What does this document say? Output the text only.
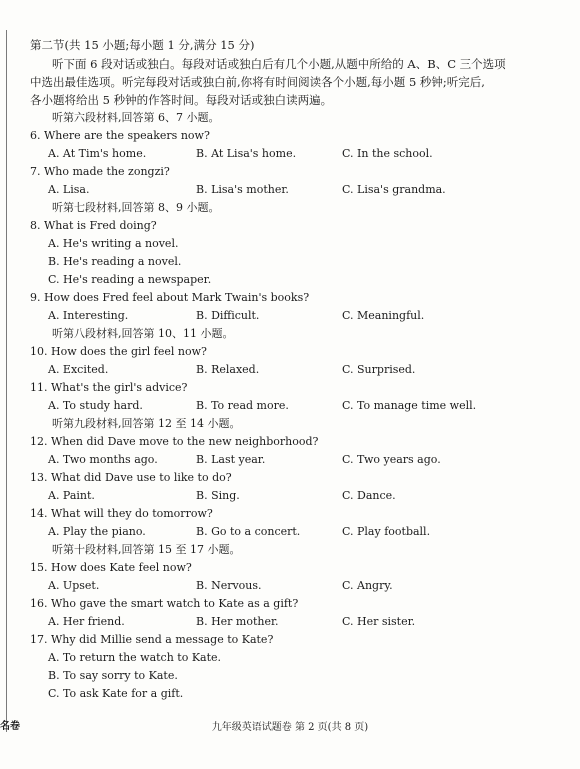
第二节(共 15 小题;每小题 1 分,满分 15 分)
听下面 6 段对话或独白。每段对话或独白后有几个小题,从题中所给的 A、B、C 三个选项
中选出最佳选项。听完每段对话或独白前,你将有时间阅读各个小题,每小题 5 秒钟;听完后,
各小题将给出 5 秒钟的作答时间。每段对话或独白读两遍。
听第六段材料,回答第 6、7 小题。
6. Where are the speakers now?
A. At Tim's home.	B. At Lisa's home.	C. In the school.
7. Who made the zongzi?
A. Lisa.	B. Lisa's mother.	C. Lisa's grandma.
听第七段材料,回答第 8、9 小题。
8. What is Fred doing?
A. He's writing a novel.
B. He's reading a novel.
C. He's reading a newspaper.
9. How does Fred feel about Mark Twain's books?
A. Interesting.	B. Difficult.	C. Meaningful.
听第八段材料,回答第 10、11 小题。
10. How does the girl feel now?
A. Excited.	B. Relaxed.	C. Surprised.
11. What's the girl's advice?
A. To study hard.	B. To read more.	C. To manage time well.
听第九段材料,回答第 12 至 14 小题。
12. When did Dave move to the new neighborhood?
A. Two months ago.	B. Last year.	C. Two years ago.
13. What did Dave use to like to do?
A. Paint.	B. Sing.	C. Dance.
14. What will they do tomorrow?
A. Play the piano.	B. Go to a concert.	C. Play football.
听第十段材料,回答第 15 至 17 小题。
15. How does Kate feel now?
A. Upset.	B. Nervous.	C. Angry.
16. Who gave the smart watch to Kate as a gift?
A. Her friend.	B. Her mother.	C. Her sister.
17. Why did Millie send a message to Kate?
A. To return the watch to Kate.
B. To say sorry to Kate.
C. To ask Kate for a gift.
名卷	九年级英语试题卷 第 2 页(共 8 页)
